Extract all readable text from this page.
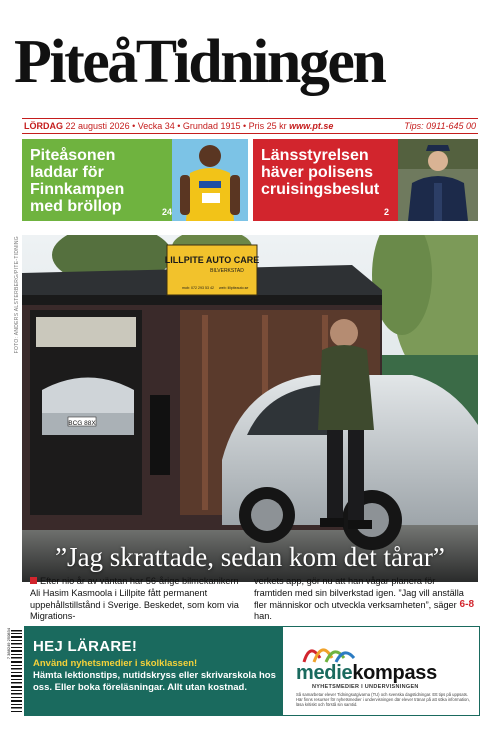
PiteåTidningen
LÖRDAG 22 augusti 2026 • Vecka 34 • Grundad 1915 • Pris 25 kr www.pt.se	Tips: 0911-645 00
Piteåsonen laddar för Finnkampen med bröllop	24
Länsstyrelsen häver polisens cruisingsbeslut
2
FOTO: ANDERS ALSTERBERG/PITE-TIDNING
BCG 88X
LILLPITE AUTO CARE
BILVERKSTAD
mob: 072 293 53 42 web: lillpiteauto.se
”Jag skrattade, sedan kom det tårar”
Efter nio år av väntan har 56-årige bilmekanikern Ali Hasim Kasmoola i Lillpite fått permanent uppehållstillstånd i Sverige. Beskedet, som kom via Migrations-
verkets app, gör nu att han vågar planera för framtiden med sin bilverkstad igen. ”Jag vill anställa fler människor och utveckla verksamheten”, säger han.
6-8
7 388249 250834 HEJ LÄRARE!
Använd nyhetsmedier i skolklassen!
Hämta lektionstips, nutidskryss eller skrivarskola hos oss. Eller boka föreläsningar. Allt utan kostnad.
mediekompass
NYHETSMEDIER I UNDERVISNINGEN
Så samarbetar elever Tidningsutgivarna (TU) och svenska dagstidningar. Ett tips på uppsats. Här finns resurser för nyhetsmedier i undervisningen där elever tränar på att söka information, läsa kritiskt och förstå sin samtid.
